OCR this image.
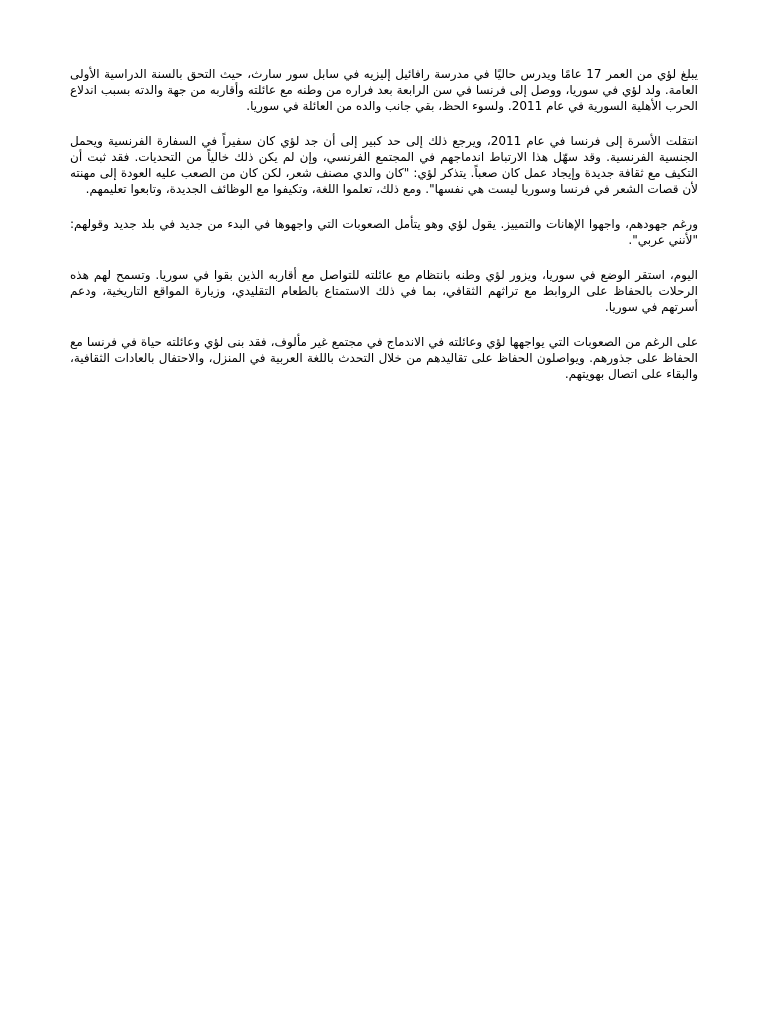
يبلغ لؤي من العمر 17 عامًا ويدرس حاليًا في مدرسة رافائيل إليزيه في سابل سور سارث، حيث التحق بالسنة الدراسية الأولى العامة. ولد لؤي في سوريا، ووصل إلى فرنسا في سن الرابعة بعد فراره من وطنه مع عائلته وأقاربه من جهة والدته بسبب اندلاع الحرب الأهلية السورية في عام 2011. ولسوء الحظ، بقي جانب والده من العائلة في سوريا.

انتقلت الأسرة إلى فرنسا في عام 2011، ويرجع ذلك إلى حد كبير إلى أن جد لؤي كان سفيراً في السفارة الفرنسية ويحمل الجنسية الفرنسية. وقد سهّل هذا الارتباط اندماجهم في المجتمع الفرنسي، وإن لم يكن ذلك خالياً من التحديات. فقد ثبت أن التكيف مع ثقافة جديدة وإيجاد عمل كان صعباً. يتذكر لؤي: "كان والدي مصنف شعر، لكن كان من الصعب عليه العودة إلى مهنته لأن قصات الشعر في فرنسا وسوريا ليست هي نفسها". ومع ذلك، تعلموا اللغة، وتكيفوا مع الوظائف الجديدة، وتابعوا تعليمهم.

ورغم جهودهم، واجهوا الإهانات والتمييز. يقول لؤي وهو يتأمل الصعوبات التي واجهوها في البدء من جديد في بلد جديد وقولهم: "لأنني عربي".

اليوم، استقر الوضع في سوريا، ويزور لؤي وطنه بانتظام مع عائلته للتواصل مع أقاربه الذين بقوا في سوريا. وتسمح لهم هذه الرحلات بالحفاظ على الروابط مع تراثهم الثقافي، بما في ذلك الاستمتاع بالطعام التقليدي، وزيارة المواقع التاريخية، ودعم أسرتهم في سوريا.

على الرغم من الصعوبات التي يواجهها لؤي وعائلته في الاندماج في مجتمع غير مألوف، فقد بنى لؤي وعائلته حياة في فرنسا مع الحفاظ على جذورهم. ويواصلون الحفاظ على تقاليدهم من خلال التحدث باللغة العربية في المنزل، والاحتفال بالعادات الثقافية، والبقاء على اتصال بهويتهم.
